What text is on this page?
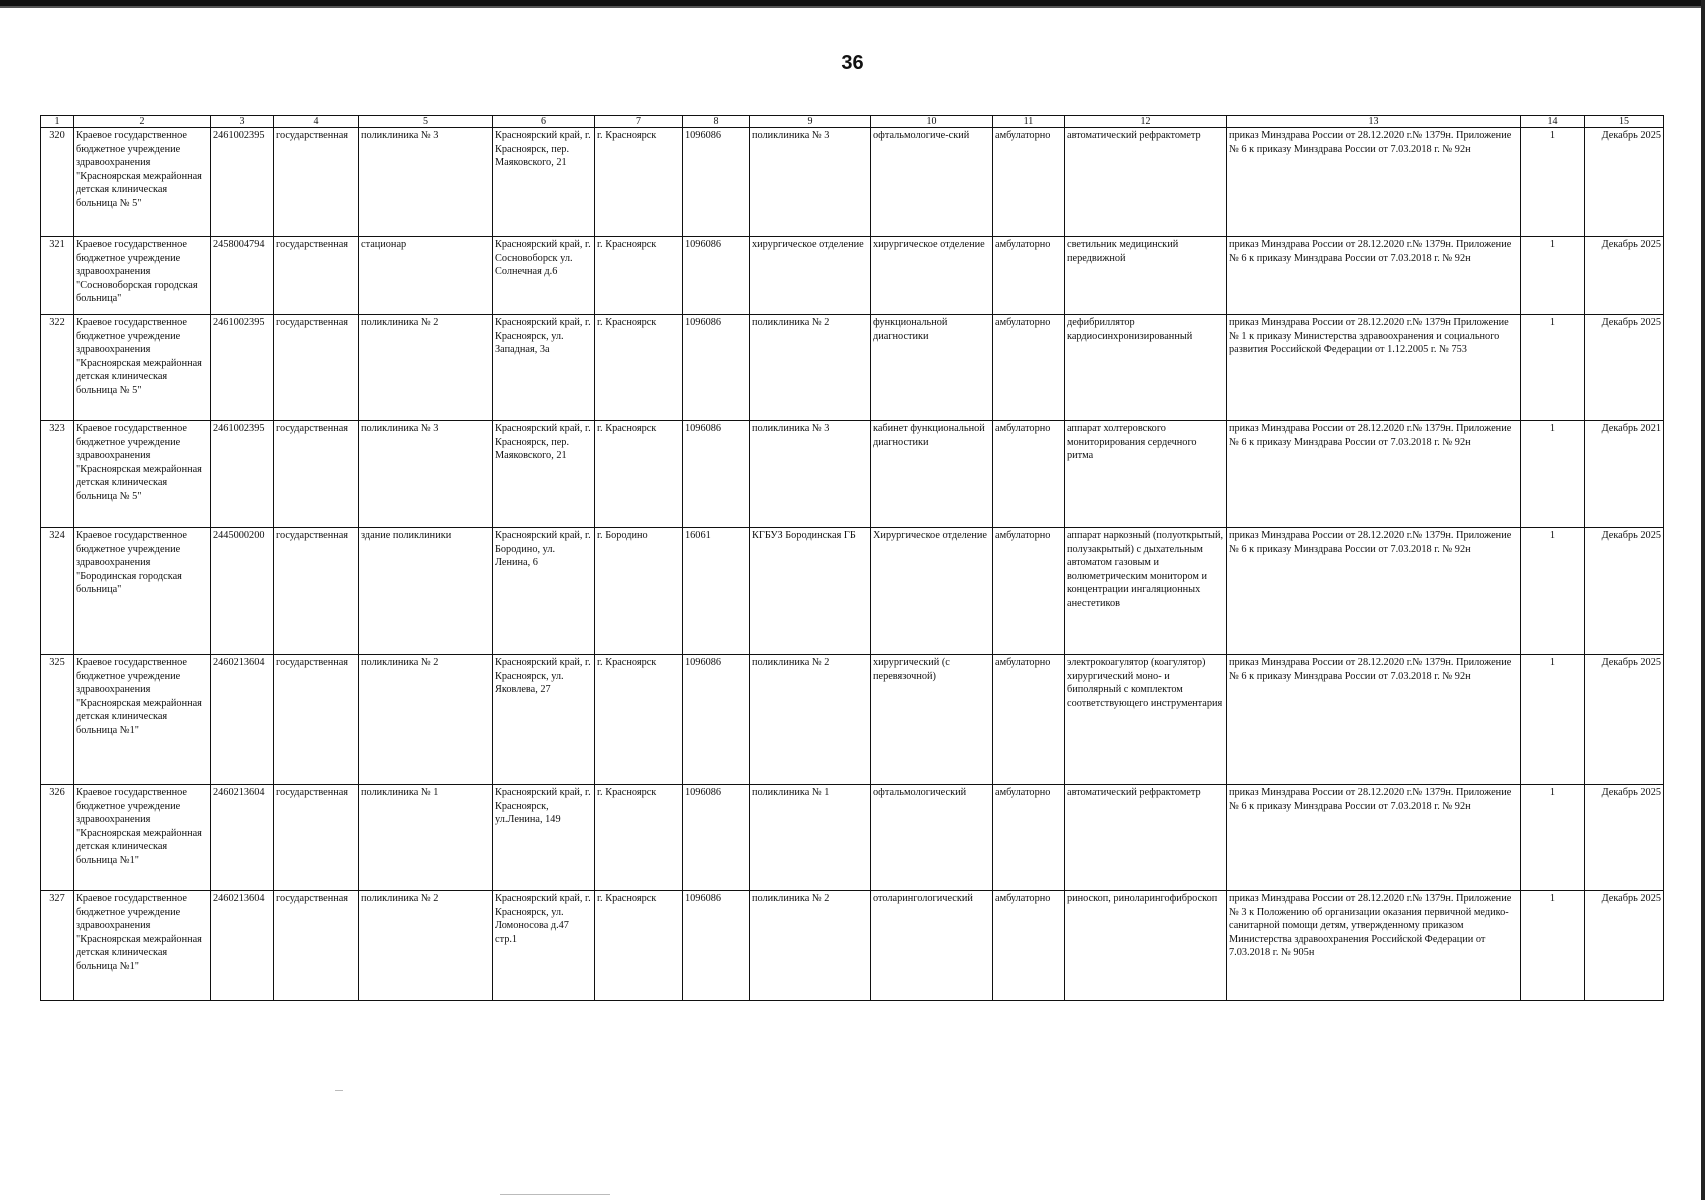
36
1	2	3	4	5	6	7	8	9	10	11	12	13	14	15
320	Краевое государственное бюджетное учреждение здравоохранения "Красноярская межрайонная детская клиническая больница № 5"	2461002395	государственная	поликлиника № 3	Красноярский край, г. Красноярск, пер. Маяковского, 21	г. Красноярск	1096086	поликлиника № 3	офтальмологиче-ский	амбулаторно	автоматический рефрактометр	приказ Минздрава России от 28.12.2020 г.№ 1379н. Приложение № 6 к приказу Минздрава России от 7.03.2018 г. № 92н	1	Декабрь 2025
321	Краевое государственное бюджетное учреждение здравоохранения "Сосновоборская городская больница"	2458004794	государственная	стационар	Красноярский край, г. Сосновоборск ул. Солнечная д.6	г. Красноярск	1096086	хирургическое отделение	хирургическое отделение	амбулаторно	светильник медицинский передвижной	приказ Минздрава России от 28.12.2020 г.№ 1379н. Приложение № 6 к приказу Минздрава России от 7.03.2018 г. № 92н	1	Декабрь 2025
322	Краевое государственное бюджетное учреждение здравоохранения "Красноярская межрайонная детская клиническая больница № 5"	2461002395	государственная	поликлиника № 2	Красноярский край, г. Красноярск, ул. Западная, 3а	г. Красноярск	1096086	поликлиника № 2	функциональной диагностики	амбулаторно	дефибриллятор кардиосинхронизированный	приказ Минздрава России от 28.12.2020 г.№ 1379н Приложение № 1 к приказу Министерства здравоохранения и социального развития Российской Федерации от 1.12.2005 г. № 753	1	Декабрь 2025
323	Краевое государственное бюджетное учреждение здравоохранения "Красноярская межрайонная детская клиническая больница № 5"	2461002395	государственная	поликлиника № 3	Красноярский край, г. Красноярск, пер. Маяковского, 21	г. Красноярск	1096086	поликлиника № 3	кабинет функциональной диагностики	амбулаторно	аппарат холтеровского мониторирования сердечного ритма	приказ Минздрава России от 28.12.2020 г.№ 1379н. Приложение № 6 к приказу Минздрава России от 7.03.2018 г. № 92н	1	Декабрь 2021
324	Краевое государственное бюджетное учреждение здравоохранения "Бородинская городская больница"	2445000200	государственная	здание поликлиники	Красноярский край, г. Бородино, ул. Ленина, 6	г. Бородино	16061	КГБУЗ Бородинская ГБ	Хирургическое отделение	амбулаторно	аппарат наркозный (полуоткрытый, полузакрытый) с дыхательным автоматом газовым и волюметрическим монитором и концентрации ингаляционных анестетиков	приказ Минздрава России от 28.12.2020 г.№ 1379н. Приложение № 6 к приказу Минздрава России от 7.03.2018 г. № 92н	1	Декабрь 2025
325	Краевое государственное бюджетное учреждение здравоохранения "Красноярская межрайонная детская клиническая больница №1"	2460213604	государственная	поликлиника № 2	Красноярский край, г. Красноярск, ул. Яковлева, 27	г. Красноярск	1096086	поликлиника № 2	хирургический (с перевязочной)	амбулаторно	электрокоагулятор (коагулятор) хирургический моно- и биполярный с комплектом соответствующего инструментария	приказ Минздрава России от 28.12.2020 г.№ 1379н. Приложение № 6 к приказу Минздрава России от 7.03.2018 г. № 92н	1	Декабрь 2025
326	Краевое государственное бюджетное учреждение здравоохранения "Красноярская межрайонная детская клиническая больница №1"	2460213604	государственная	поликлиника № 1	Красноярский край, г. Красноярск, ул.Ленина, 149	г. Красноярск	1096086	поликлиника № 1	офтальмологический	амбулаторно	автоматический рефрактометр	приказ Минздрава России от 28.12.2020 г.№ 1379н. Приложение № 6 к приказу Минздрава России от 7.03.2018 г. № 92н	1	Декабрь 2025
327	Краевое государственное бюджетное учреждение здравоохранения "Красноярская межрайонная детская клиническая больница №1"	2460213604	государственная	поликлиника № 2	Красноярский край, г. Красноярск, ул. Ломоносова д.47 стр.1	г. Красноярск	1096086	поликлиника № 2	отоларингологический	амбулаторно	риноскоп, риноларингофиброскоп	приказ Минздрава России от 28.12.2020 г.№ 1379н. Приложение № 3 к Положению об организации оказания первичной медико-санитарной помощи детям, утвержденному приказом Министерства здравоохранения Российской Федерации от 7.03.2018 г. № 905н	1	Декабрь 2025
